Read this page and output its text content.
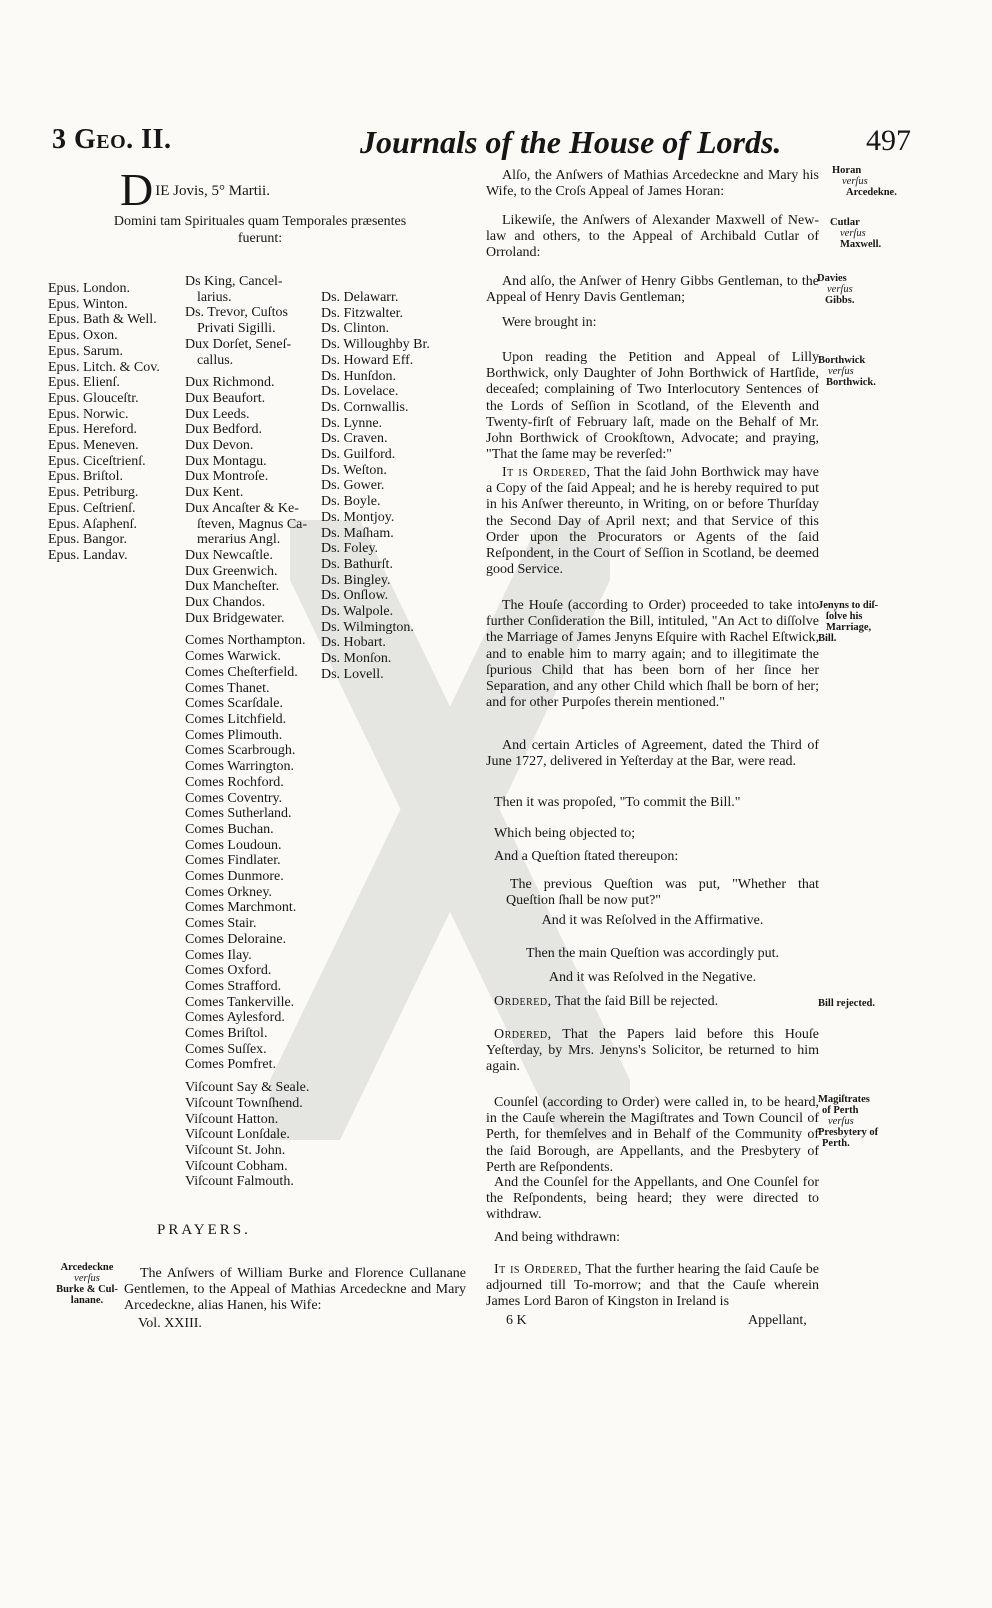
3 Geo. II.	Journals of the House of Lords.	497
DIE Jovis, 5° Martii.
Domini tam Spirituales quam Temporales præsentes
fuerunt:
Epus. London.
Epus. Winton.
Epus. Bath & Well.
Epus. Oxon.
Epus. Sarum.
Epus. Litch. & Cov.
Epus. Elienſ.
Epus. Glouceſtr.
Epus. Norwic.
Epus. Hereford.
Epus. Meneven.
Epus. Ciceſtrienſ.
Epus. Briſtol.
Epus. Petriburg.
Epus. Ceſtrienſ.
Epus. Aſaphenſ.
Epus. Bangor.
Epus. Landav.
Ds King, Cancel-
larius.
Ds. Trevor, Cuſtos
Privati Sigilli.
Dux Dorſet, Seneſ-
callus.
Dux Richmond.
Dux Beaufort.
Dux Leeds.
Dux Bedford.
Dux Devon.
Dux Montagu.
Dux Montroſe.
Dux Kent.
Dux Ancaſter & Ke-
ſteven, Magnus Ca-
merarius Angl.
Dux Newcaſtle.
Dux Greenwich.
Dux Mancheſter.
Dux Chandos.
Dux Bridgewater.
Comes Northampton.
Comes Warwick.
Comes Cheſterfield.
Comes Thanet.
Comes Scarſdale.
Comes Litchfield.
Comes Plimouth.
Comes Scarbrough.
Comes Warrington.
Comes Rochford.
Comes Coventry.
Comes Sutherland.
Comes Buchan.
Comes Loudoun.
Comes Findlater.
Comes Dunmore.
Comes Orkney.
Comes Marchmont.
Comes Stair.
Comes Deloraine.
Comes Ilay.
Comes Oxford.
Comes Strafford.
Comes Tankerville.
Comes Aylesford.
Comes Briſtol.
Comes Suſſex.
Comes Pomfret.
Viſcount Say & Seale.
Viſcount Townſhend.
Viſcount Hatton.
Viſcount Lonſdale.
Viſcount St. John.
Viſcount Cobham.
Viſcount Falmouth.
Ds. Delawarr.
Ds. Fitzwalter.
Ds. Clinton.
Ds. Willoughby Br.
Ds. Howard Eff.
Ds. Hunſdon.
Ds. Lovelace.
Ds. Cornwallis.
Ds. Lynne.
Ds. Craven.
Ds. Guilford.
Ds. Weſton.
Ds. Gower.
Ds. Boyle.
Ds. Montjoy.
Ds. Maſham.
Ds. Foley.
Ds. Bathurſt.
Ds. Bingley.
Ds. Onſlow.
Ds. Walpole.
Ds. Wilmington.
Ds. Hobart.
Ds. Monſon.
Ds. Lovell.
PRAYERS.
Arcedeckne
verſus
Burke & Cul-
lanane.

The Anſwers of William Burke and Florence Cullanane Gentlemen, to the Appeal of Mathias Arcedeckne and Mary Arcedeckne, alias Hanen, his Wife:

Vol. XXIII.

Alſo, the Anſwers of Mathias Arcedeckne and Mary his Wife, to the Croſs Appeal of James Horan:

Likewiſe, the Anſwers of Alexander Maxwell of New-law and others, to the Appeal of Archibald Cutlar of Orroland:

And alſo, the Anſwer of Henry Gibbs Gentleman, to the Appeal of Henry Davis Gentleman;

Were brought in:

Upon reading the Petition and Appeal of Lilly Borthwick, only Daughter of John Borthwick of Hartſide, deceaſed; complaining of Two Interlocutory Sentences of the Lords of Seſſion in Scotland, of the Eleventh and Twenty-firſt of February laſt, made on the Behalf of Mr. John Borthwick of Crookſtown, Advocate; and praying, "That the ſame may be reverſed:"

It is Ordered, That the ſaid John Borthwick may have a Copy of the ſaid Appeal; and he is hereby required to put in his Anſwer thereunto, in Writing, on or before Thurſday the Second Day of April next; and that Service of this Order upon the Procurators or Agents of the ſaid Reſpondent, in the Court of Seſſion in Scotland, be deemed good Service.

The Houſe (according to Order) proceeded to take into further Conſideration the Bill, intituled, "An Act to diſſolve the Marriage of James Jenyns Eſquire with Rachel Eſtwick, and to enable him to marry again; and to illegitimate the ſpurious Child that has been born of her ſince her Separation, and any other Child which ſhall be born of her; and for other Purpoſes therein mentioned."

And certain Articles of Agreement, dated the Third of June 1727, delivered in Yeſterday at the Bar, were read.

Then it was propoſed, "To commit the Bill."

Which being objected to;

And a Queſtion ſtated thereupon:

The previous Queſtion was put, "Whether that Queſtion ſhall be now put?"

And it was Reſolved in the Affirmative.

Then the main Queſtion was accordingly put.

And it was Reſolved in the Negative.

Ordered, That the ſaid Bill be rejected.

Ordered, That the Papers laid before this Houſe Yeſterday, by Mrs. Jenyns's Solicitor, be returned to him again.

Counſel (according to Order) were called in, to be heard, in the Cauſe wherein the Magiſtrates and Town Council of Perth, for themſelves and in Behalf of the Community of the ſaid Borough, are Appellants, and the Presbytery of Perth are Reſpondents.

And the Counſel for the Appellants, and One Counſel for the Reſpondents, being heard; they were directed to withdraw.

And being withdrawn:

It is Ordered, That the further hearing the ſaid Cauſe be adjourned till To-morrow; and that the Cauſe wherein James Lord Baron of Kingston in Ireland is

6 K	Appellant,
Horan
verſus
Arcedekne.
Cutlar
verſus
Maxwell.
Davies
verſus
Gibbs.
Borthwick
verſus
Borthwick.
Jenyns to diſ-
ſolve his
Marriage,
Bill.
Bill rejected.
Magiſtrates
of Perth
verſus
Presbytery of
Perth.
